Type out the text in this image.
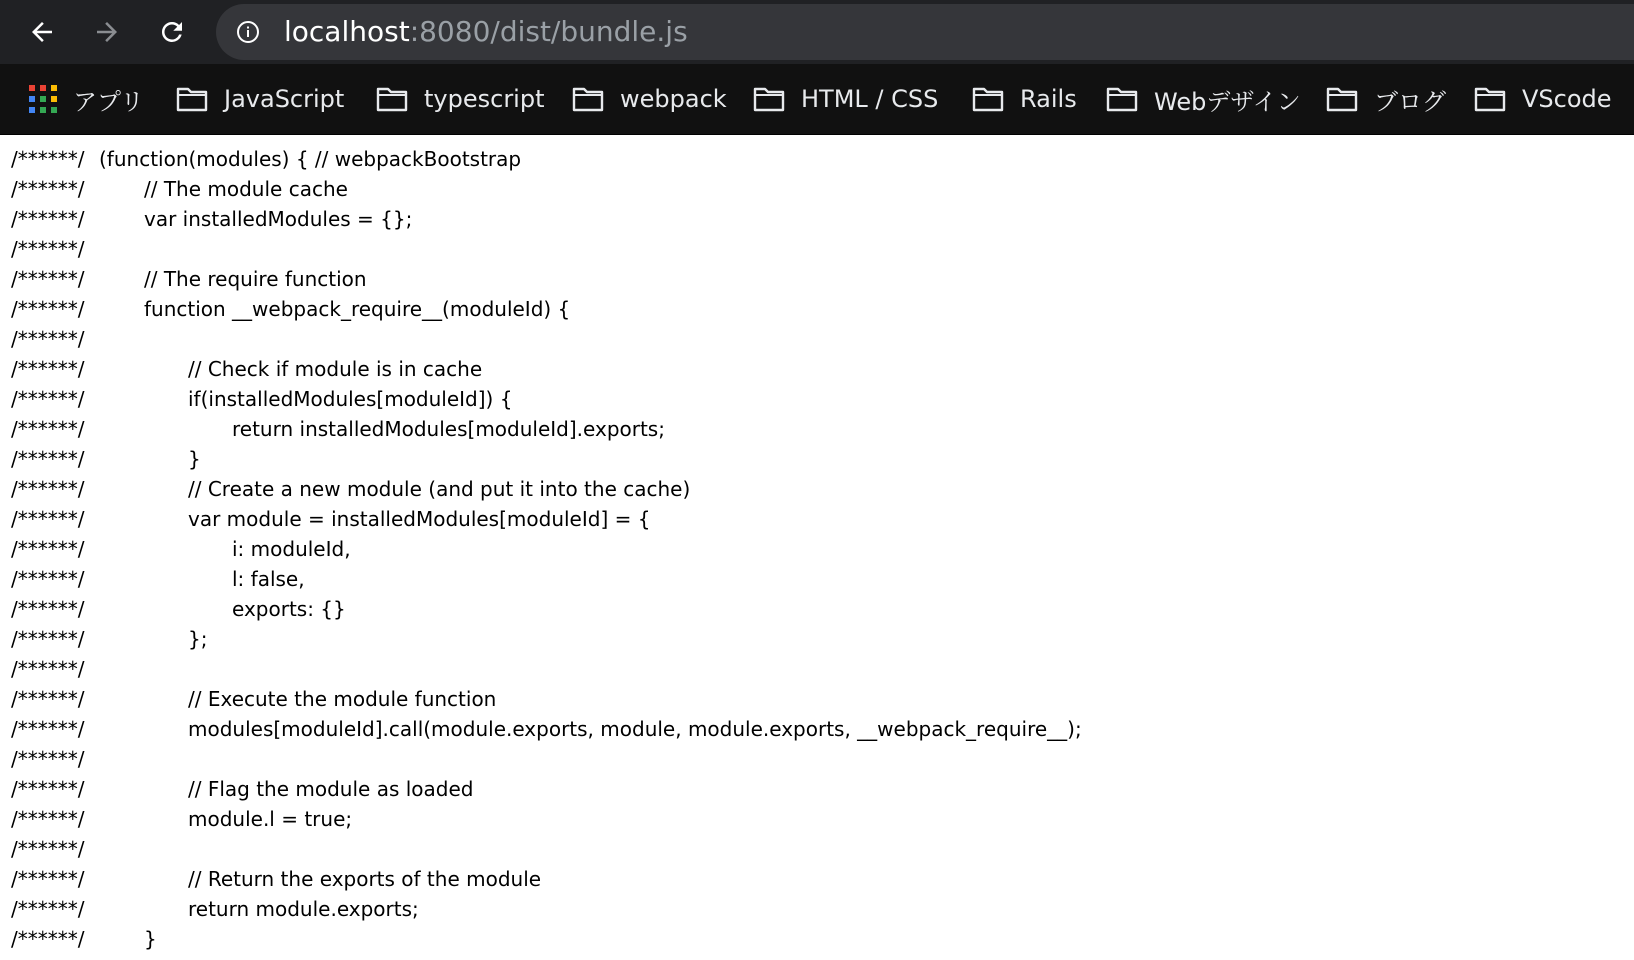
localhost:8080/dist/bundle.js
アプリ	JavaScript	typescript	webpack	HTML / CSS	Rails	Webデザイン	ブログ	VScode
/******/ (function(modules) { // webpackBootstrap
/******/	// The module cache
/******/	var installedModules = {};
/******/
/******/	// The require function
/******/	function __webpack_require__(moduleId) {
/******/
/******/	// Check if module is in cache
/******/	if(installedModules[moduleId]) {
/******/	return installedModules[moduleId].exports;
/******/	}
/******/	// Create a new module (and put it into the cache)
/******/	var module = installedModules[moduleId] = {
/******/	i: moduleId,
/******/	l: false,
/******/	exports: {}
/******/	};
/******/
/******/	// Execute the module function
/******/	modules[moduleId].call(module.exports, module, module.exports, __webpack_require__);
/******/
/******/	// Flag the module as loaded
/******/	module.l = true;
/******/
/******/	// Return the exports of the module
/******/	return module.exports;
/******/	}
